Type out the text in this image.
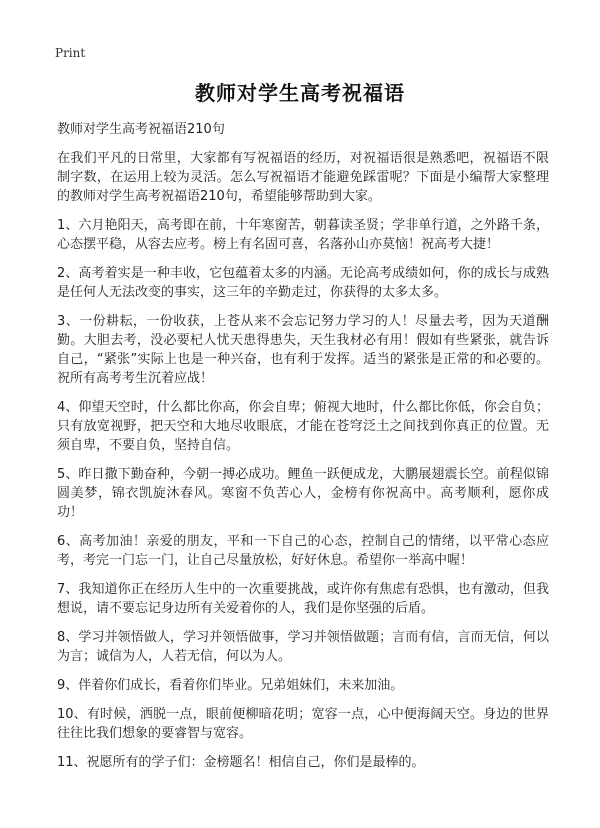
Print
教师对学生高考祝福语

教师对学生高考祝福语210句

在我们平凡的日常里，大家都有写祝福语的经历，对祝福语很是熟悉吧，祝福语不限制字数，在运用上较为灵活。怎么写祝福语才能避免踩雷呢？下面是小编帮大家整理的教师对学生高考祝福语210句，希望能够帮助到大家。

1、六月艳阳天，高考即在前，十年寒窗苦，朝暮读圣贤；学非单行道，之外路千条，心态摆平稳，从容去应考。榜上有名固可喜，名落孙山亦莫恼！祝高考大捷！

2、高考着实是一种丰收，它包蕴着太多的内涵。无论高考成绩如何，你的成长与成熟是任何人无法改变的事实，这三年的辛勤走过，你获得的太多太多。

3、一份耕耘，一份收获，上苍从来不会忘记努力学习的人！尽量去考，因为天道酬勤。大胆去考，没必要杞人忧天患得患失，天生我材必有用！假如有些紧张，就告诉自己，“紧张”实际上也是一种兴奋，也有利于发挥。适当的紧张是正常的和必要的。祝所有高考考生沉着应战！

4、仰望天空时，什么都比你高，你会自卑；俯视大地时，什么都比你低，你会自负；只有放宽视野，把天空和大地尽收眼底，才能在苍穹泛土之间找到你真正的位置。无须自卑，不要自负，坚持自信。

5、昨日撒下勤奋种，今朝一搏必成功。鲤鱼一跃便成龙，大鹏展翅震长空。前程似锦圆美梦，锦衣凯旋沐春风。寒窗不负苦心人，金榜有你祝高中。高考顺利，愿你成功！

6、高考加油！亲爱的朋友，平和一下自己的心态，控制自己的情绪，以平常心态应考，考完一门忘一门，让自己尽量放松，好好休息。希望你一举高中喔！

7、我知道你正在经历人生中的一次重要挑战，或许你有焦虑有恐惧，也有激动，但我想说，请不要忘记身边所有关爱着你的人，我们是你坚强的后盾。

8、学习并领悟做人，学习并领悟做事，学习并领悟做题；言而有信，言而无信，何以为言；诚信为人，人若无信，何以为人。

9、伴着你们成长，看着你们毕业。兄弟姐妹们，未来加油。

10、有时候，洒脱一点，眼前便柳暗花明；宽容一点，心中便海阔天空。身边的世界往往比我们想象的要睿智与宽容。

11、祝愿所有的学子们：金榜题名！相信自己，你们是最棒的。
